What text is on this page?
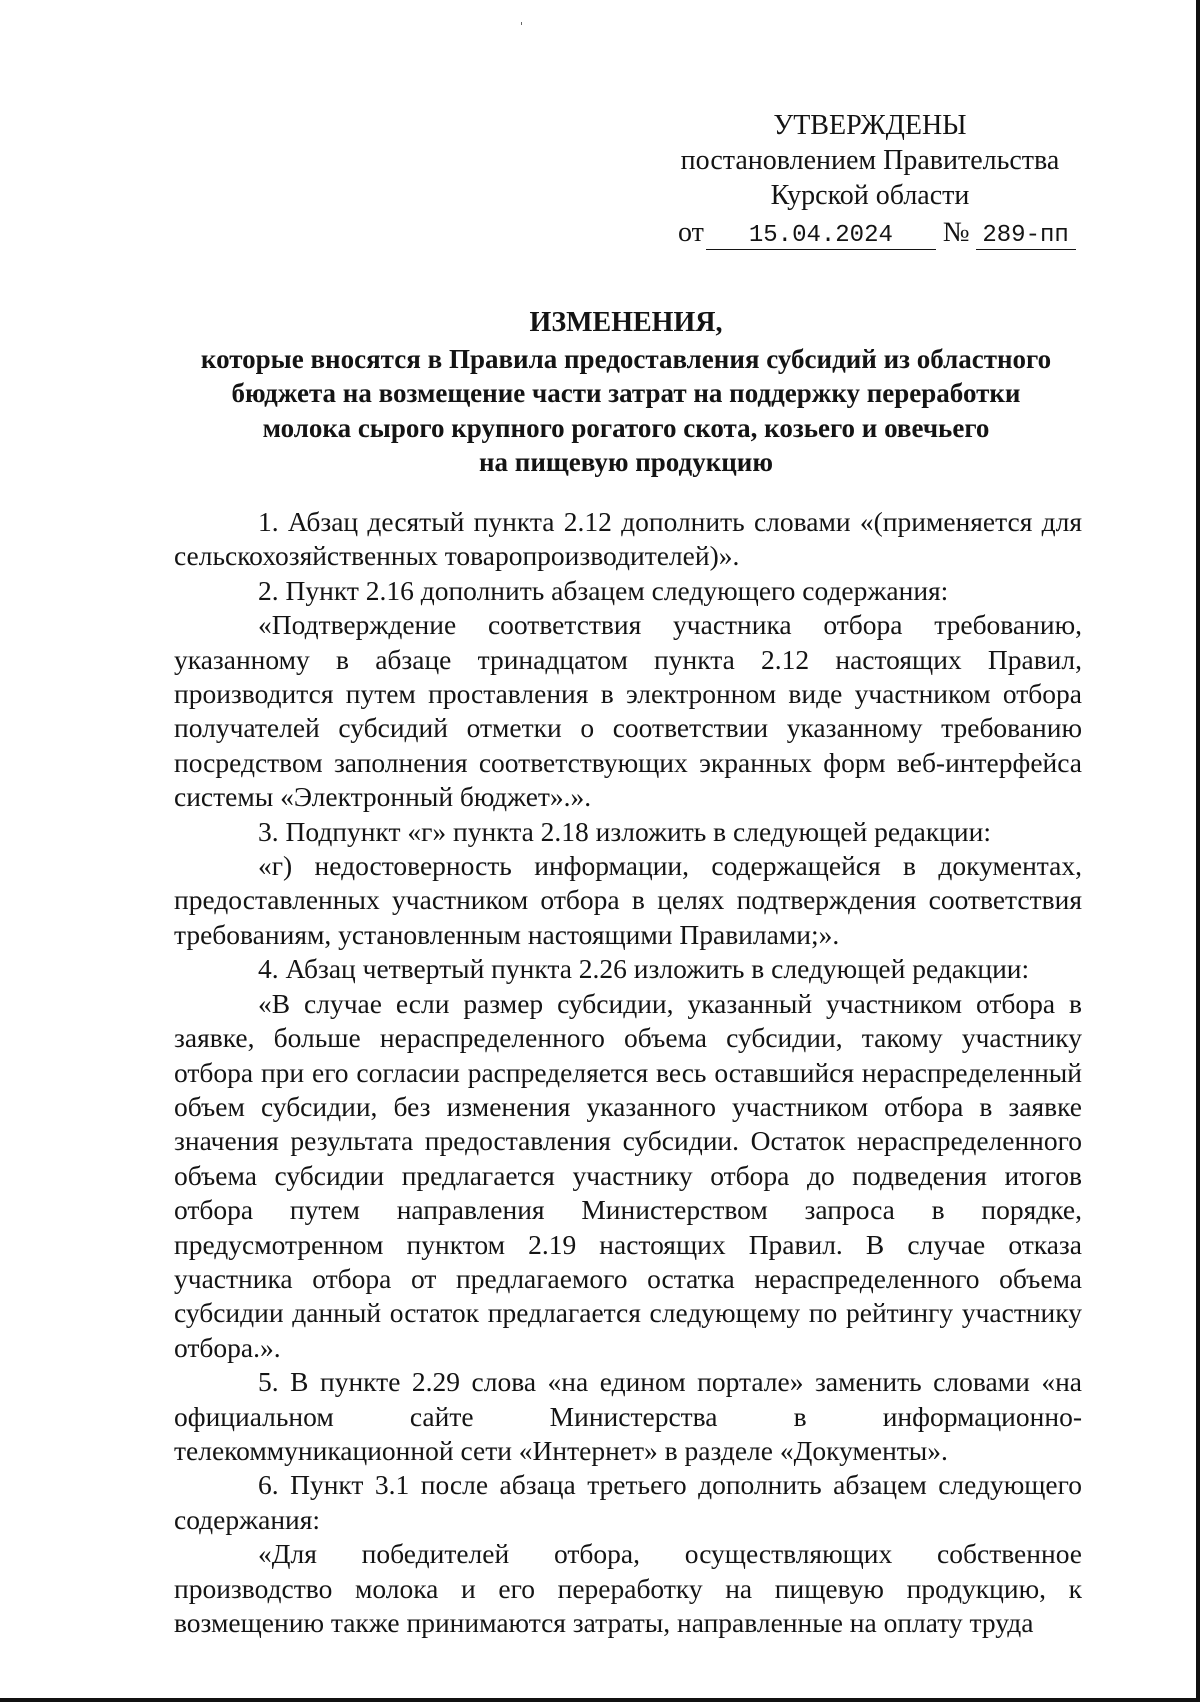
УТВЕРЖДЕНЫ
постановлением Правительства
Курской области
от 15.04.2024 № 289-пп
ИЗМЕНЕНИЯ,
которые вносятся в Правила предоставления субсидий из областного
бюджета на возмещение части затрат на поддержку переработки
молока сырого крупного рогатого скота, козьего и овечьего
на пищевую продукцию

1. Абзац десятый пункта 2.12 дополнить словами «(применяется для сельскохозяйственных товаропроизводителей)».

2. Пункт 2.16 дополнить абзацем следующего содержания:

«Подтверждение соответствия участника отбора требованию, указанному в абзаце тринадцатом пункта 2.12 настоящих Правил, производится путем проставления в электронном виде участником отбора получателей субсидий отметки о соответствии указанному требованию посредством заполнения соответствующих экранных форм веб-интерфейса системы «Электронный бюджет».».

3. Подпункт «г» пункта 2.18 изложить в следующей редакции:

«г) недостоверность информации, содержащейся в документах, предоставленных участником отбора в целях подтверждения соответствия требованиям, установленным настоящими Правилами;».

4. Абзац четвертый пункта 2.26 изложить в следующей редакции:

«В случае если размер субсидии, указанный участником отбора в заявке, больше нераспределенного объема субсидии, такому участнику отбора при его согласии распределяется весь оставшийся нераспределенный объем субсидии, без изменения указанного участником отбора в заявке значения результата предоставления субсидии. Остаток нераспределенного объема субсидии предлагается участнику отбора до подведения итогов отбора путем направления Министерством запроса в порядке, предусмотренном пунктом 2.19 настоящих Правил. В случае отказа участника отбора от предлагаемого остатка нераспределенного объема субсидии данный остаток предлагается следующему по рейтингу участнику отбора.».

5. В пункте 2.29 слова «на едином портале» заменить словами «на официальном сайте Министерства в информационно-телекоммуникационной сети «Интернет» в разделе «Документы».

6. Пункт 3.1 после абзаца третьего дополнить абзацем следующего содержания:

«Для победителей отбора, осуществляющих собственное производство молока и его переработку на пищевую продукцию, к возмещению также принимаются затраты, направленные на оплату труда
